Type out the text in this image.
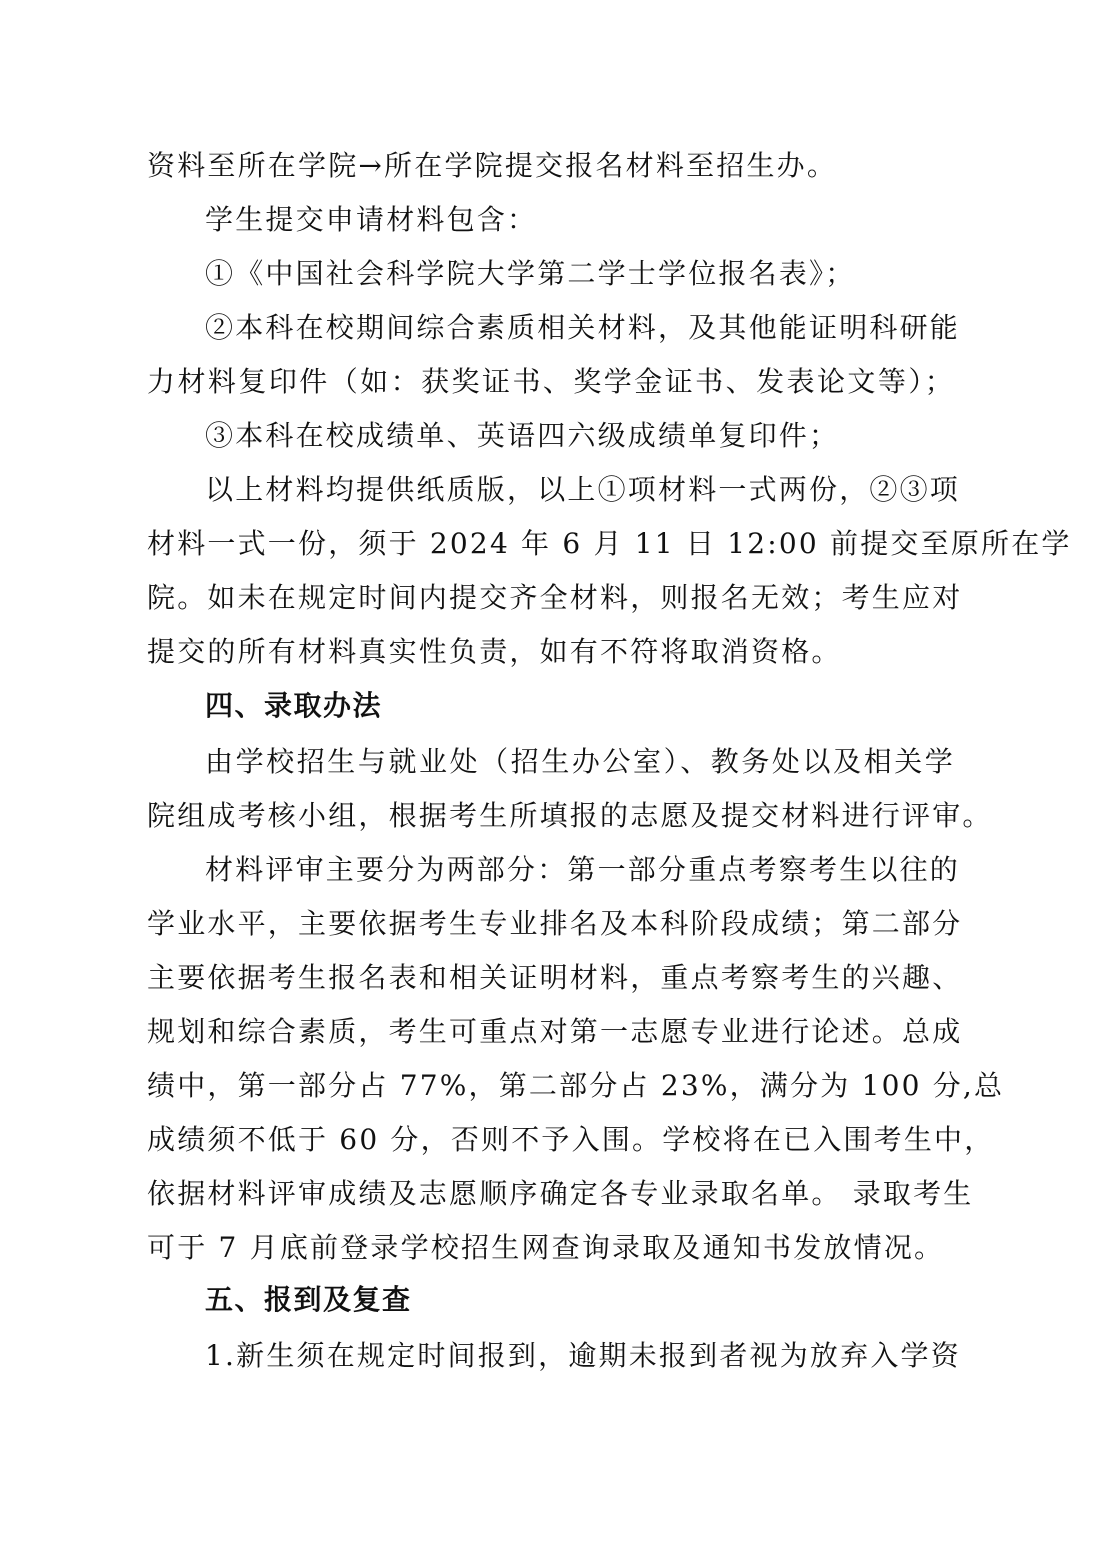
资料至所在学院→所在学院提交报名材料至招生办。
学生提交申请材料包含：
①《中国社会科学院大学第二学士学位报名表》；
②本科在校期间综合素质相关材料，及其他能证明科研能
力材料复印件（如：获奖证书、奖学金证书、发表论文等）；
③本科在校成绩单、英语四六级成绩单复印件；
以上材料均提供纸质版，以上①项材料一式两份，②③项
材料一式一份，须于 2024 年 6 月 11 日 12:00 前提交至原所在学
院。如未在规定时间内提交齐全材料，则报名无效；考生应对
提交的所有材料真实性负责，如有不符将取消资格。
四、录取办法
由学校招生与就业处（招生办公室）、教务处以及相关学
院组成考核小组，根据考生所填报的志愿及提交材料进行评审。
材料评审主要分为两部分：第一部分重点考察考生以往的
学业水平，主要依据考生专业排名及本科阶段成绩；第二部分
主要依据考生报名表和相关证明材料，重点考察考生的兴趣、
规划和综合素质，考生可重点对第一志愿专业进行论述。总成
绩中，第一部分占 77%，第二部分占 23%，满分为 100 分,总
成绩须不低于 60 分，否则不予入围。学校将在已入围考生中，
依据材料评审成绩及志愿顺序确定各专业录取名单。 录取考生
可于 7 月底前登录学校招生网查询录取及通知书发放情况。
五、报到及复查
1.新生须在规定时间报到，逾期未报到者视为放弃入学资
